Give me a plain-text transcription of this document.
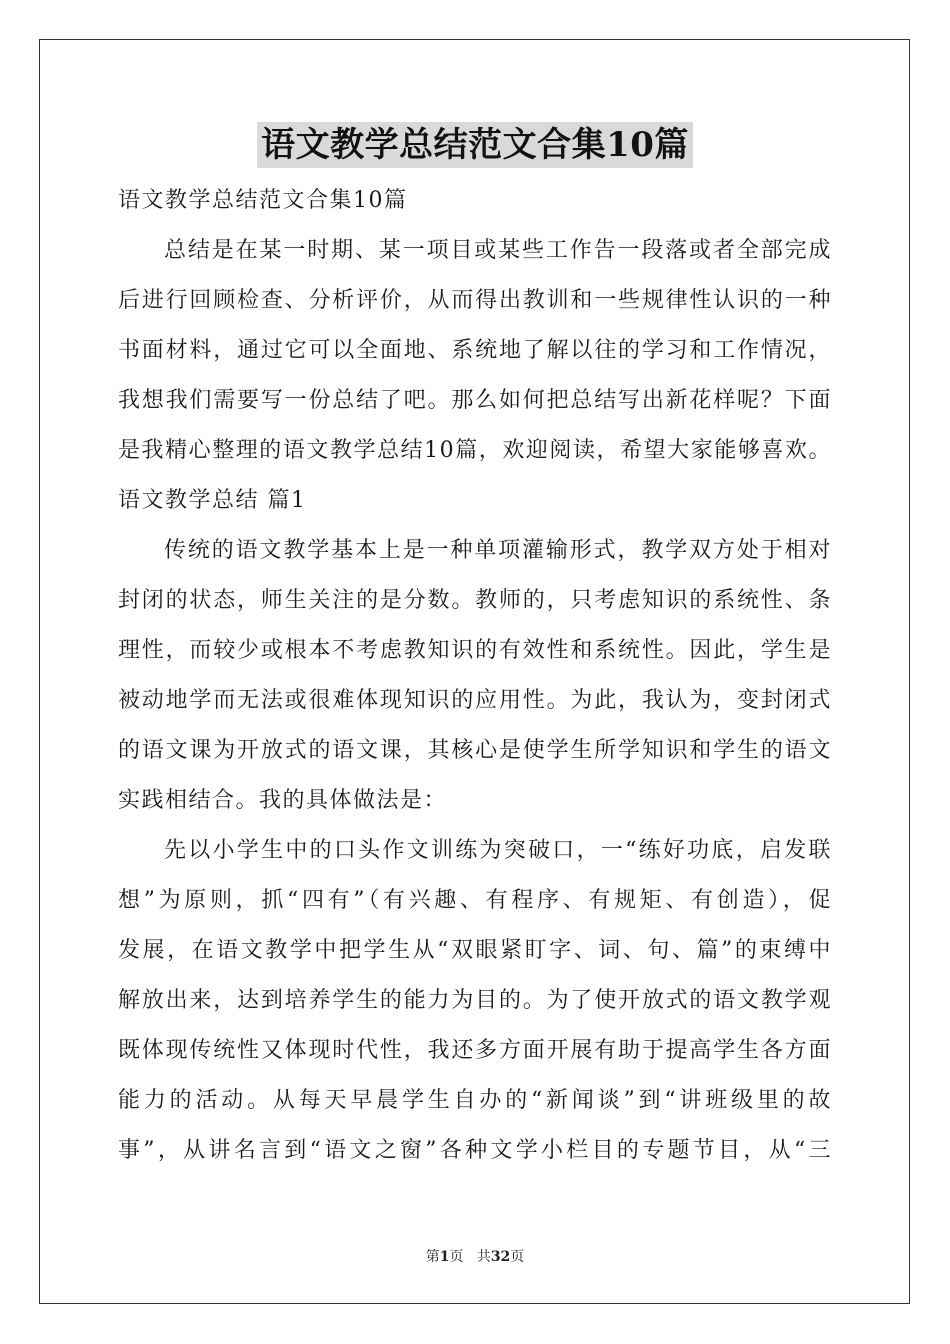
语文教学总结范文合集10篇
语文教学总结范文合集10篇
总结是在某一时期、某一项目或某些工作告一段落或者全部完成
后进行回顾检查、分析评价，从而得出教训和一些规律性认识的一种
书面材料，通过它可以全面地、系统地了解以往的学习和工作情况，
我想我们需要写一份总结了吧。那么如何把总结写出新花样呢？下面
是我精心整理的语文教学总结10篇，欢迎阅读，希望大家能够喜欢。
语文教学总结 篇1
传统的语文教学基本上是一种单项灌输形式，教学双方处于相对
封闭的状态，师生关注的是分数。教师的，只考虑知识的系统性、条
理性，而较少或根本不考虑教知识的有效性和系统性。因此，学生是
被动地学而无法或很难体现知识的应用性。为此，我认为，变封闭式
的语文课为开放式的语文课，其核心是使学生所学知识和学生的语文
实践相结合。我的具体做法是：
先以小学生中的口头作文训练为突破口，一“练好功底，启发联
想”为原则，抓“四有”（有兴趣、有程序、有规矩、有创造），促
发展，在语文教学中把学生从“双眼紧盯字、词、句、篇”的束缚中
解放出来，达到培养学生的能力为目的。为了使开放式的语文教学观
既体现传统性又体现时代性，我还多方面开展有助于提高学生各方面
能力的活动。从每天早晨学生自办的“新闻谈”到“讲班级里的故
事”，从讲名言到“语文之窗”各种文学小栏目的专题节目，从“三
第1页 共32页
